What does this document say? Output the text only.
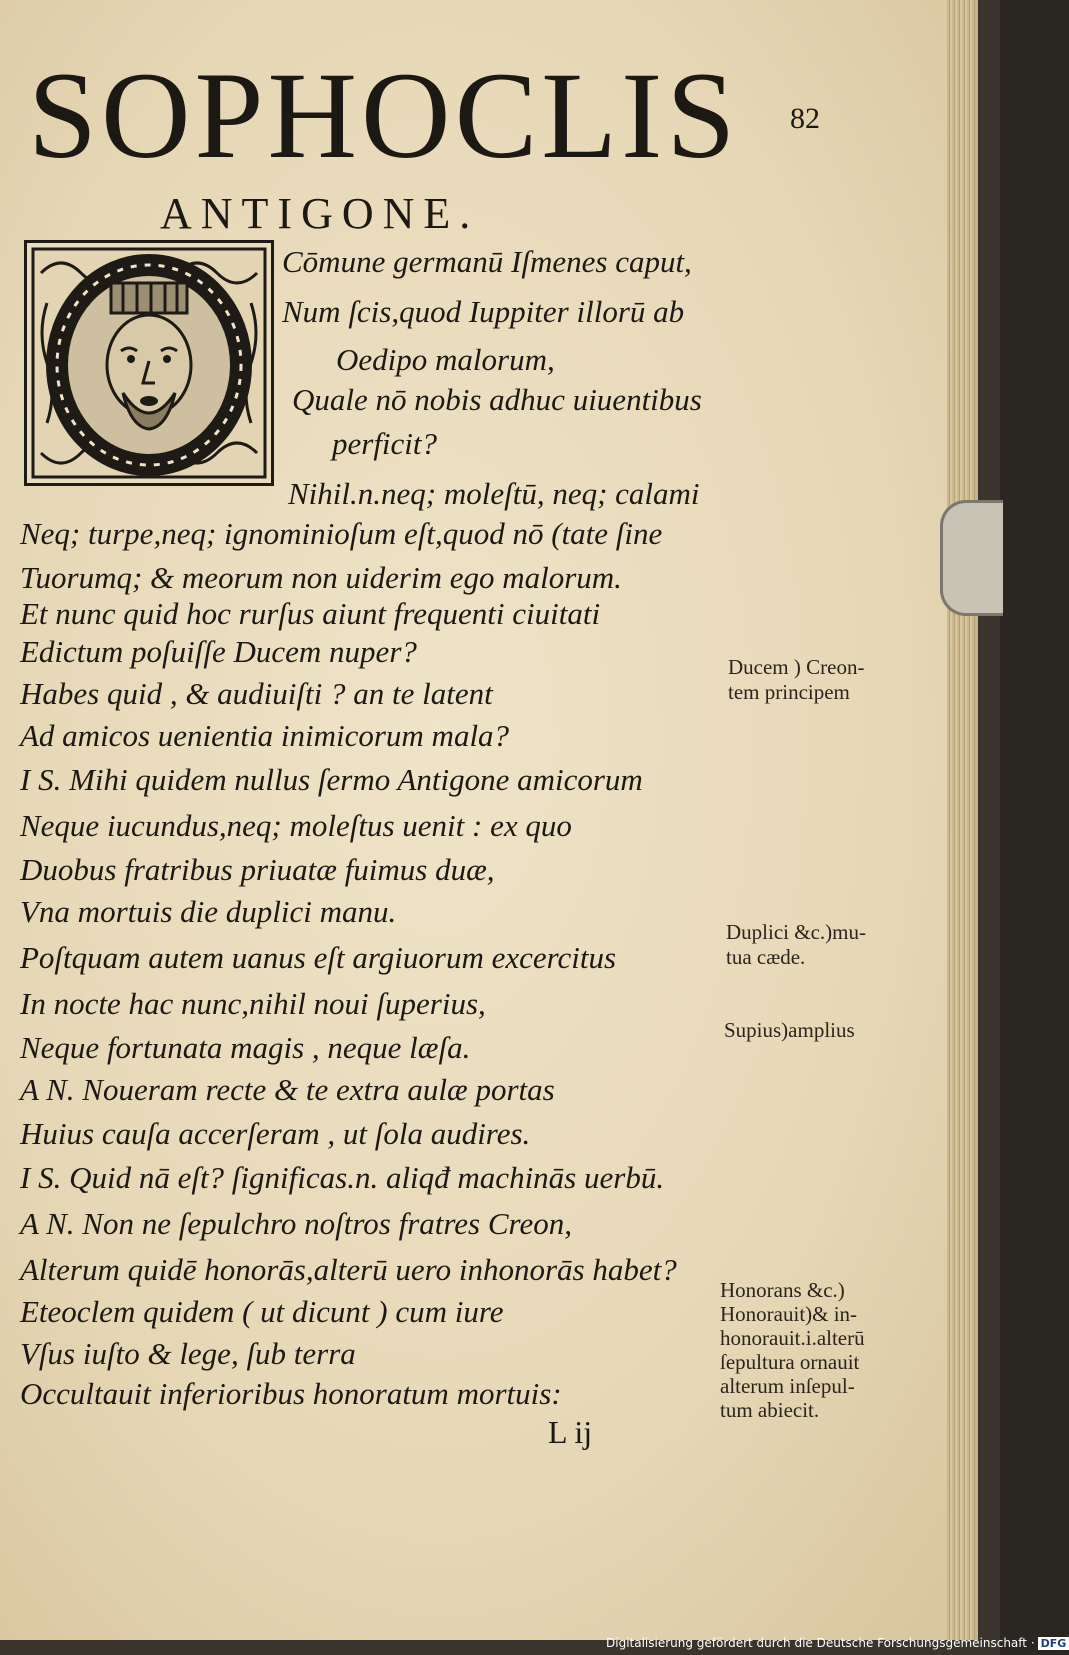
SOPHOCLIS
ANTIGONE.
82

Cōmune germanū Iſmenes caput,

Num ſcis,quod Iuppiter illorū ab

Oedipo malorum,

Quale nō nobis adhuc uiuentibus

perficit?

Nihil.n.neq; moleſtū, neq; calami

Neq; turpe,neq; ignominioſum eſt,quod nō (tate ſine

Tuorumq; & meorum non uiderim ego malorum.

Et nunc quid hoc rurſus aiunt frequenti ciuitati

Edictum poſuiſſe Ducem nuper?

Habes quid , & audiuiſti ? an te latent

Ad amicos uenientia inimicorum mala?

I S. Mihi quidem nullus ſermo Antigone amicorum

Neque iucundus,neq; moleſtus uenit : ex quo

Duobus fratribus priuatæ fuimus duæ,

Vna mortuis die duplici manu.

Poſtquam autem uanus eſt argiuorum excercitus

In nocte hac nunc,nihil noui ſuperius,

Neque fortunata magis , neque læſa.

A N. Noueram recte & te extra aulæ portas

Huius cauſa accerſeram , ut ſola audires.

I S. Quid nā eſt? ſignificas.n. aliqđ machinās uerbū.

A N. Non ne ſepulchro noſtros fratres Creon,

Alterum quidē honorās,alterū uero inhonorās habet?

Eteoclem quidem ( ut dicunt ) cum iure

Vſus iuſto & lege, ſub terra

Occultauit inferioribus honoratum mortuis:

Ducem ) Creon-

tem principem

Duplici &c.)mu-

tua cæde.

Supius)amplius

Honorans &c.)

Honorauit)& in-

honorauit.i.alterū

ſepultura ornauit

alterum inſepul-

tum abiecit.

L ij
Digitalisierung gefördert durch die Deutsche Forschungsgemeinschaft · DFG
